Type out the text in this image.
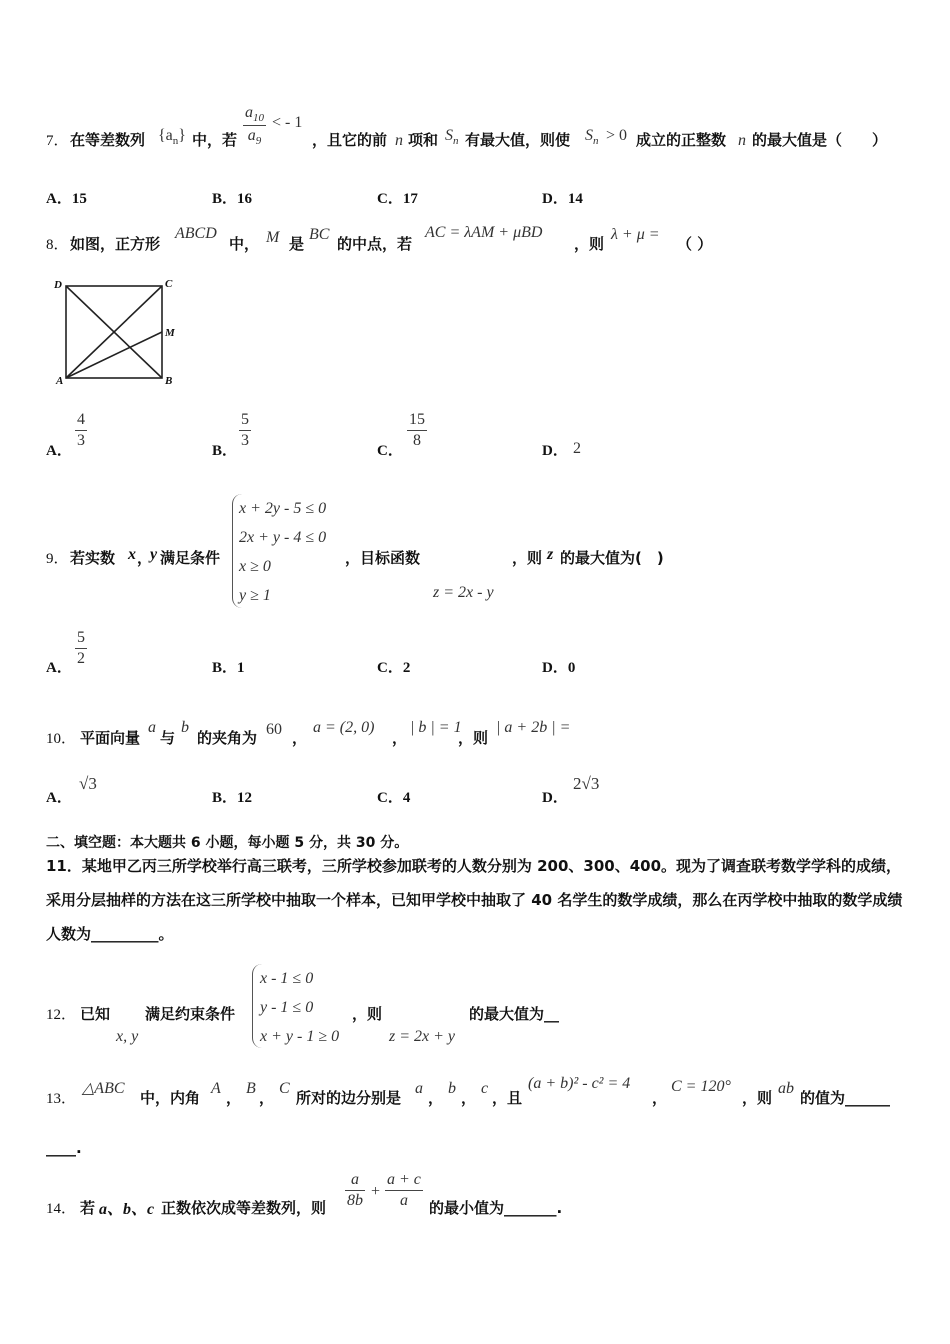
7． 在等差数列 $\{a_n\}$ 中，若 $\frac{a_{10}}{a_9}$ < - 1
，且它的前 n 项和 $S_n$ 有最大值，则使 $S_n > 0$ 成立的正整数 n 的最大值是（　　）
A．15	B．16	C．17	D．14
8． 如图，正方形
ABCD
中， M 是
BC
的中点，若
AC = λAM + μBD
，则
λ + μ =
（ ）
D	C
M
A	B
A．
$\frac{4}{3}$
B．
$\frac{5}{3}$
C．
$\frac{15}{8}$
D． 2
9． 若实数 x ，
y 满足条件
x + 2y - 5 ≤ 0
2x + y - 4 ≤ 0
x ≥ 0
y ≥ 1
，目标函数	，则 z 的最大值为(　)
z = 2x - y
A． $\frac{5}{2}$	B．1	C．2	D．0
10． 平面向量
a
与
b
的夹角为 60 ，
a = (2, 0)
，
| b | = 1
，则
| a + 2b | =
A．
√3
B．12	C．4	D．
2√3
二、填空题：本大题共 6 小题，每小题 5 分，共 30 分。
11．某地甲乙丙三所学校举行高三联考，三所学校参加联考的人数分别为 200、300、400。现为了调查联考数学学科的成绩，采用分层抽样的方法在这三所学校中抽取一个样本，已知甲学校中抽取了 40 名学生的数学成绩，那么在丙学校中抽取的数学成绩人数为_________。
12． 已知
x, y
满足约束条件
x - 1 ≤ 0
y - 1 ≤ 0
x + y - 1 ≥ 0
，则
z = 2x + y
的最大值为__
13．
△ABC
中，内角
A
，
B
，
C
所对的边分别是
a
，
b
，
c
，且
(a + b)² - c² = 4
，
C = 120°
，则
ab
的值为______
____.
14． 若 a、b、c 正数依次成等差数列，则 $\frac{a}{8b} + \frac{a + c}{a}$ 的最小值为_______.
